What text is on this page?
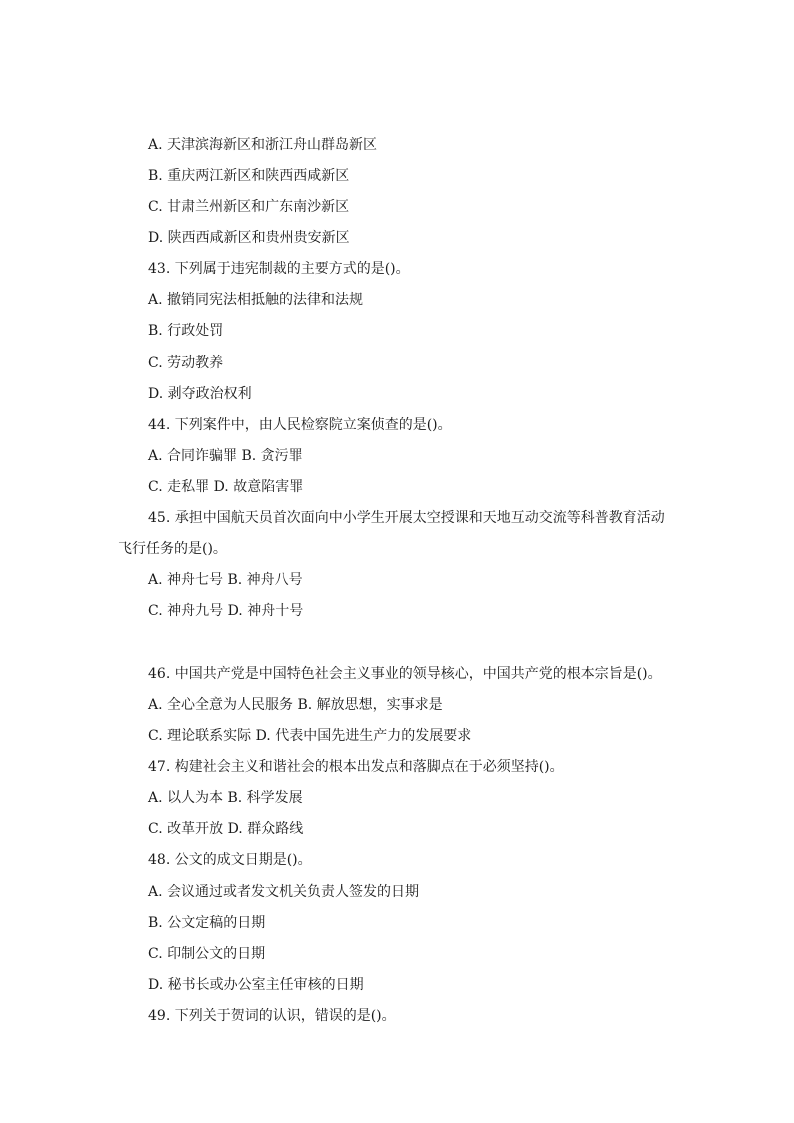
A. 天津滨海新区和浙江舟山群岛新区
B. 重庆两江新区和陕西西咸新区
C. 甘肃兰州新区和广东南沙新区
D. 陕西西咸新区和贵州贵安新区
43. 下列属于违宪制裁的主要方式的是()。
A. 撤销同宪法相抵触的法律和法规
B. 行政处罚
C. 劳动教养
D. 剥夺政治权利
44. 下列案件中，由人民检察院立案侦查的是()。
A. 合同诈骗罪 B. 贪污罪
C. 走私罪 D. 故意陷害罪
45. 承担中国航天员首次面向中小学生开展太空授课和天地互动交流等科普教育活动
飞行任务的是()。
A. 神舟七号 B. 神舟八号
C. 神舟九号 D. 神舟十号
46. 中国共产党是中国特色社会主义事业的领导核心，中国共产党的根本宗旨是()。
A. 全心全意为人民服务 B. 解放思想，实事求是
C. 理论联系实际 D. 代表中国先进生产力的发展要求
47. 构建社会主义和谐社会的根本出发点和落脚点在于必须坚持()。
A. 以人为本 B. 科学发展
C. 改革开放 D. 群众路线
48. 公文的成文日期是()。
A. 会议通过或者发文机关负责人签发的日期
B. 公文定稿的日期
C. 印制公文的日期
D. 秘书长或办公室主任审核的日期
49. 下列关于贺词的认识，错误的是()。
